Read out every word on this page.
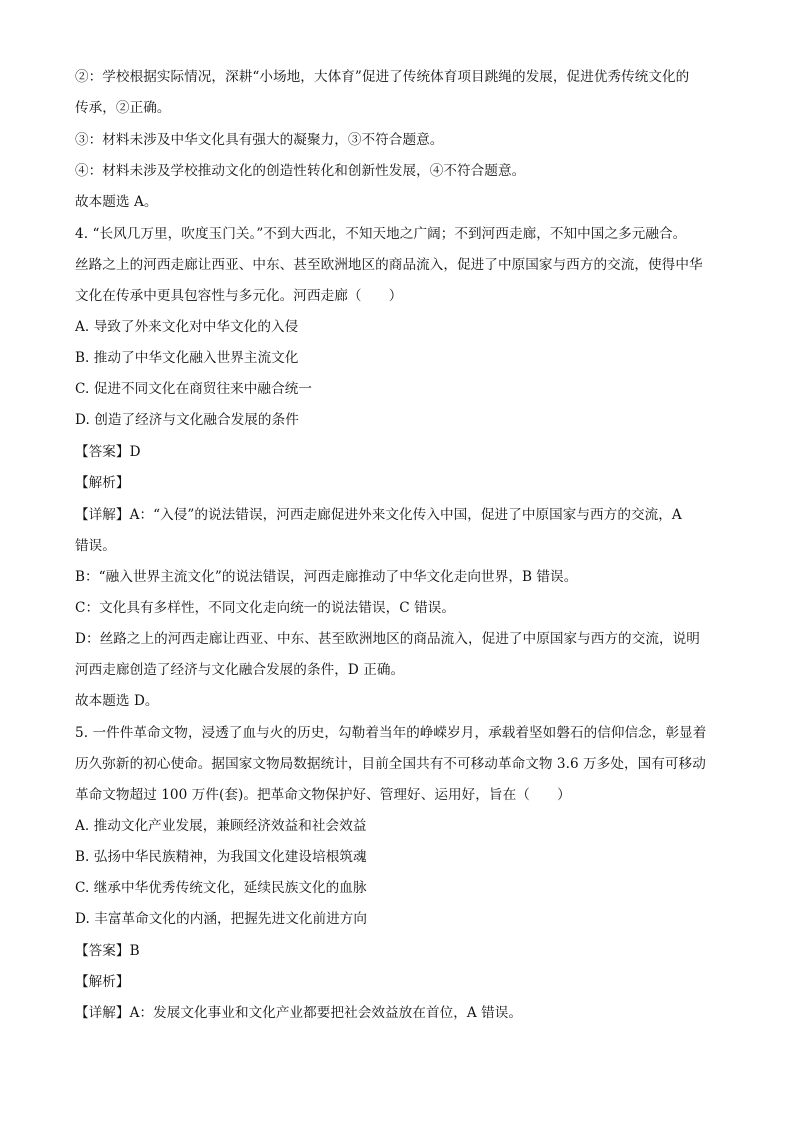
②：学校根据实际情况，深耕“小场地，大体育”促进了传统体育项目跳绳的发展，促进优秀传统文化的
传承，②正确。
③：材料未涉及中华文化具有强大的凝聚力，③不符合题意。
④：材料未涉及学校推动文化的创造性转化和创新性发展，④不符合题意。
故本题选 A。
4. “长风几万里，吹度玉门关。”不到大西北，不知天地之广阔；不到河西走廊，不知中国之多元融合。
丝路之上的河西走廊让西亚、中东、甚至欧洲地区的商品流入，促进了中原国家与西方的交流，使得中华
文化在传承中更具包容性与多元化。河西走廊（　　）
A. 导致了外来文化对中华文化的入侵
B. 推动了中华文化融入世界主流文化
C. 促进不同文化在商贸往来中融合统一
D. 创造了经济与文化融合发展的条件
【答案】D
【解析】
【详解】A：“入侵”的说法错误，河西走廊促进外来文化传入中国，促进了中原国家与西方的交流，A
错误。
B：“融入世界主流文化”的说法错误，河西走廊推动了中华文化走向世界，B 错误。
C：文化具有多样性，不同文化走向统一的说法错误，C 错误。
D：丝路之上的河西走廊让西亚、中东、甚至欧洲地区的商品流入，促进了中原国家与西方的交流，说明
河西走廊创造了经济与文化融合发展的条件，D 正确。
故本题选 D。
5. 一件件革命文物，浸透了血与火的历史，勾勒着当年的峥嵘岁月，承载着坚如磐石的信仰信念，彰显着
历久弥新的初心使命。据国家文物局数据统计，目前全国共有不可移动革命文物 3.6 万多处，国有可移动
革命文物超过 100 万件(套)。把革命文物保护好、管理好、运用好，旨在（　　）
A. 推动文化产业发展，兼顾经济效益和社会效益
B. 弘扬中华民族精神，为我国文化建设培根筑魂
C. 继承中华优秀传统文化，延续民族文化的血脉
D. 丰富革命文化的内涵，把握先进文化前进方向
【答案】B
【解析】
【详解】A：发展文化事业和文化产业都要把社会效益放在首位，A 错误。
